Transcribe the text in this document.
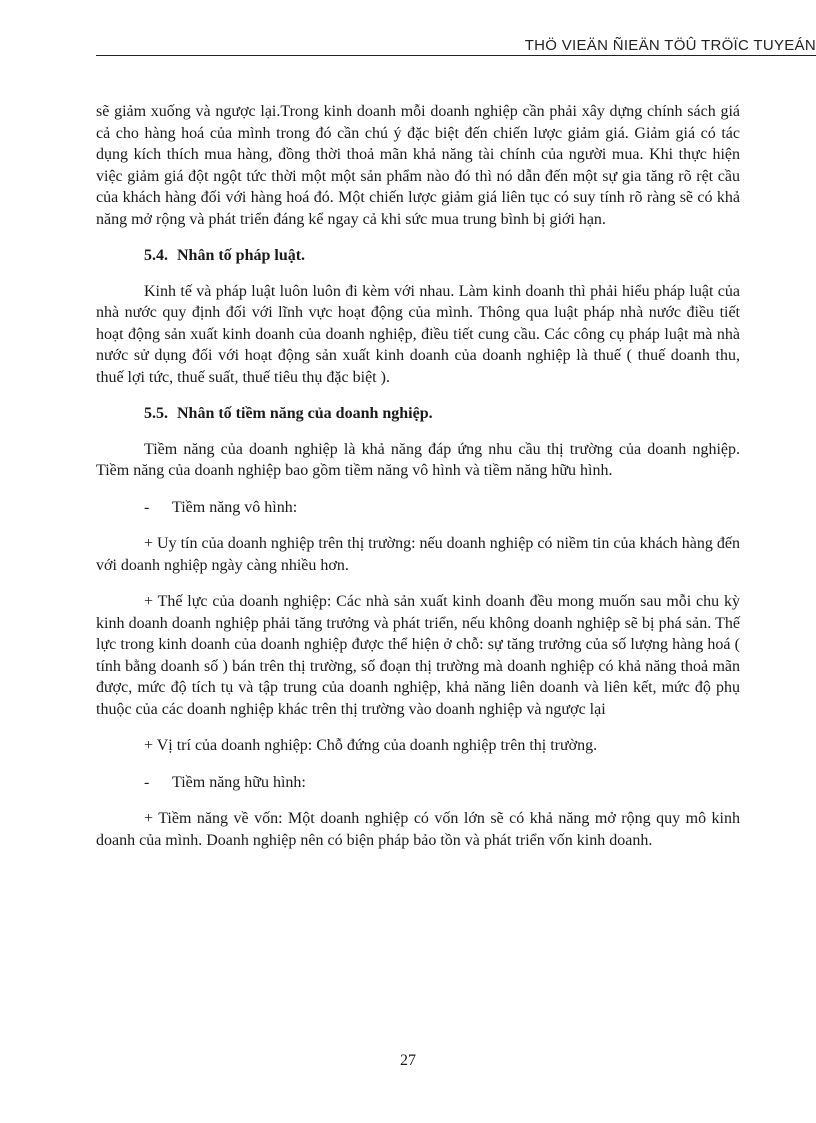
THÖ VIEÄN ÑIEÄN TÖÛ TRÖÏC TUYEÁN

sẽ giảm xuống và ngược lại.Trong kinh doanh mỗi doanh nghiệp cần phải xây dựng chính sách giá cả cho hàng hoá của mình trong đó cần chú ý đặc biệt đến chiến lược giảm giá. Giảm giá có tác dụng kích thích mua hàng, đồng thời thoả mãn khả năng tài chính của người mua. Khi thực hiện việc giảm giá đột ngột tức thời một một sản phẩm nào đó thì nó dẫn đến một sự gia tăng rõ rệt cầu của khách hàng đối với hàng hoá đó. Một chiến lược giảm giá liên tục có suy tính rõ ràng sẽ có khả năng mở rộng và phát triển đáng kể ngay cả khi sức mua trung bình bị giới hạn.

5.4. Nhân tố pháp luật.

Kinh tế và pháp luật luôn luôn đi kèm với nhau. Làm kinh doanh thì phải hiểu pháp luật của nhà nước quy định đối với lĩnh vực hoạt động của mình. Thông qua luật pháp nhà nước điều tiết hoạt động sản xuất kinh doanh của doanh nghiệp, điều tiết cung cầu. Các công cụ pháp luật mà nhà nước sử dụng đối với hoạt động sản xuất kinh doanh của doanh nghiệp là thuế ( thuế doanh thu, thuế lợi tức, thuế suất, thuế tiêu thụ đặc biệt ).

5.5. Nhân tố tiềm năng của doanh nghiệp.

Tiềm năng của doanh nghiệp là khả năng đáp ứng nhu cầu thị trường của doanh nghiệp. Tiềm năng của doanh nghiệp bao gồm tiềm năng vô hình và tiềm năng hữu hình.

- Tiềm năng vô hình:

+ Uy tín của doanh nghiệp trên thị trường: nếu doanh nghiệp có niềm tin của khách hàng đến với doanh nghiệp ngày càng nhiều hơn.

+ Thế lực của doanh nghiệp: Các nhà sản xuất kinh doanh đều mong muốn sau mỗi chu kỳ kinh doanh doanh nghiệp phải tăng trưởng và phát triển, nếu không doanh nghiệp sẽ bị phá sản. Thế lực trong kinh doanh của doanh nghiệp được thể hiện ở chỗ: sự tăng trưởng của số lượng hàng hoá ( tính bằng doanh số ) bán trên thị trường, số đoạn thị trường mà doanh nghiệp có khả năng thoả mãn được, mức độ tích tụ và tập trung của doanh nghiệp, khả năng liên doanh và liên kết, mức độ phụ thuộc của các doanh nghiệp khác trên thị trường vào doanh nghiệp và ngược lại

+ Vị trí của doanh nghiệp: Chỗ đứng của doanh nghiệp trên thị trường.

- Tiềm năng hữu hình:

+ Tiềm năng về vốn: Một doanh nghiệp có vốn lớn sẽ có khả năng mở rộng quy mô kinh doanh của mình. Doanh nghiệp nên có biện pháp bảo tồn và phát triển vốn kinh doanh.

27
